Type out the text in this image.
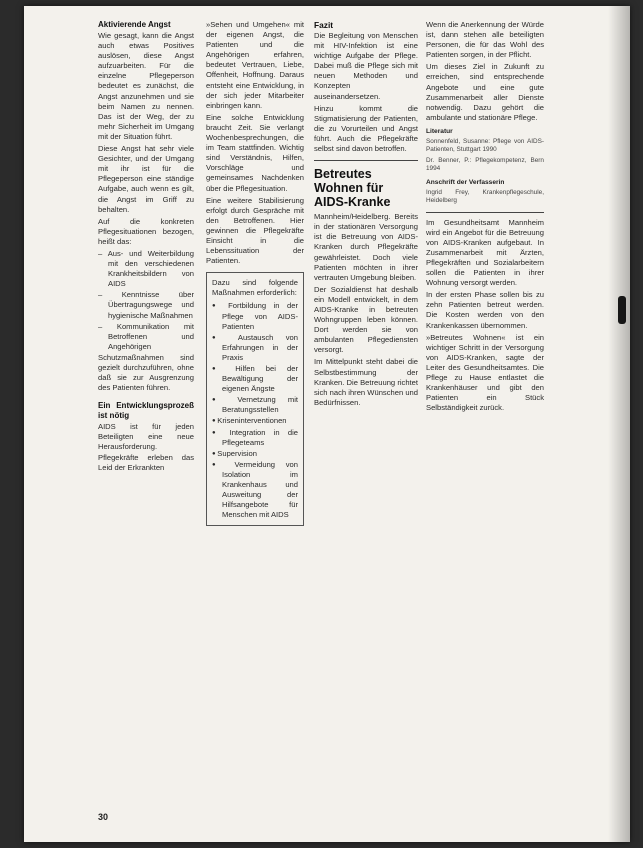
Aktivierende Angst

Wie gesagt, kann die Angst auch etwas Positives auslösen, diese Angst aufzuarbeiten. Für die einzelne Pflegeperson bedeutet es zunächst, die Angst anzunehmen und sie beim Namen zu nennen. Das ist der Weg, der zu mehr Sicherheit im Umgang mit der Situation führt.

Diese Angst hat sehr viele Gesichter, und der Umgang mit ihr ist für die Pflegeperson eine ständige Aufgabe, auch wenn es gilt, die Angst im Griff zu behalten.

Auf die konkreten Pflegesituationen bezogen, heißt das:

– Aus- und Weiterbildung mit den verschiedenen Krankheitsbildern von AIDS
– Kenntnisse über Übertragungswege und hygienische Maßnahmen
– Kommunikation mit Betroffenen und Angehörigen

Schutzmaßnahmen sind gezielt durchzuführen, ohne daß sie zur Ausgrenzung des Patienten führen.

Ein Entwicklungsprozeß ist nötig

AIDS ist für jeden Beteiligten eine neue Herausforderung. Pflegekräfte erleben das Leid der Erkrankten

»Sehen und Umgehen« mit der eigenen Angst, die Patienten und die Angehörigen erfahren, bedeutet Vertrauen, Liebe, Offenheit, Hoffnung. Daraus entsteht eine Entwicklung, in der sich jeder Mitarbeiter einbringen kann.

Eine solche Entwicklung braucht Zeit. Sie verlangt Wochenbesprechungen, die im Team stattfinden. Wichtig sind Verständnis, Hilfen, Vorschläge und gemeinsames Nachdenken über die Pflegesituation.

Eine weitere Stabilisierung erfolgt durch Gespräche mit den Betroffenen. Hier gewinnen die Pflegekräfte Einsicht in die Lebenssituation der Patienten.

Dazu sind folgende Maßnahmen erforderlich:

● Fortbildung in der Pflege von AIDS-Patienten
● Austausch von Erfahrungen in der Praxis
● Hilfen bei der Bewältigung der eigenen Ängste
● Vernetzung mit Beratungsstellen
● Kriseninterventionen
● Integration in die Pflegeteams
● Supervision
● Vermeidung von Isolation im Krankenhaus und Ausweitung der Hilfsangebote für Menschen mit AIDS
Fazit

Die Begleitung von Menschen mit HIV-Infektion ist eine wichtige Aufgabe der Pflege. Dabei muß die Pflege sich mit neuen Methoden und Konzepten auseinandersetzen.

Hinzu kommt die Stigmatisierung der Patienten, die zu Vorurteilen und Angst führt. Auch die Pflegekräfte selbst sind davon betroffen.

Betreutes Wohnen für AIDS-Kranke

Mannheim/Heidelberg. Bereits in der stationären Versorgung ist die Betreuung von AIDS-Kranken durch Pflegekräfte gewährleistet. Doch viele Patienten möchten in ihrer vertrauten Umgebung bleiben.

Der Sozialdienst hat deshalb ein Modell entwickelt, in dem AIDS-Kranke in betreuten Wohngruppen leben können. Dort werden sie von ambulanten Pflegediensten versorgt.

Im Mittelpunkt steht dabei die Selbstbestimmung der Kranken. Die Betreuung richtet sich nach ihren Wünschen und Bedürfnissen.

Wenn die Anerkennung der Würde ist, dann stehen alle beteiligten Personen, die für das Wohl des Patienten sorgen, in der Pflicht.

Um dieses Ziel in Zukunft zu erreichen, sind entsprechende Angebote und eine gute Zusammenarbeit aller Dienste notwendig. Dazu gehört die ambulante und stationäre Pflege.

Literatur

Sonnenfeld, Susanne: Pflege von AIDS-Patienten, Stuttgart 1990

Dr. Benner, P.: Pflegekompetenz, Bern 1994

Anschrift der Verfasserin

Ingrid Frey, Krankenpflegeschule, Heidelberg

Im Gesundheitsamt Mannheim wird ein Angebot für die Betreuung von AIDS-Kranken aufgebaut. In Zusammenarbeit mit Ärzten, Pflegekräften und Sozialarbeitern sollen die Patienten in ihrer Wohnung versorgt werden.

In der ersten Phase sollen bis zu zehn Patienten betreut werden. Die Kosten werden von den Krankenkassen übernommen.

»Betreutes Wohnen« ist ein wichtiger Schritt in der Versorgung von AIDS-Kranken, sagte der Leiter des Gesundheitsamtes. Die Pflege zu Hause entlastet die Krankenhäuser und gibt den Patienten ein Stück Selbständigkeit zurück.

30
